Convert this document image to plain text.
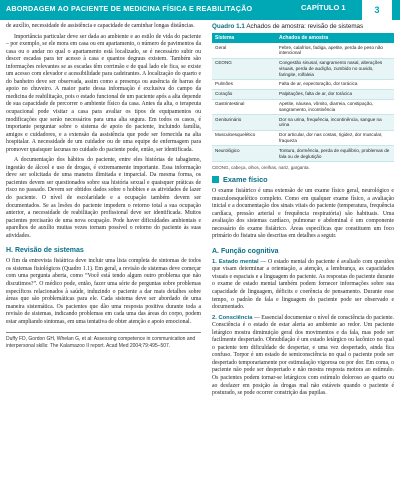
ABORDAGEM AO PACIENTE DE MEDICINA FÍSICA E REABILITAÇÃO	CAPÍTULO 1	3

de auxílio, necessidade de assistência e capacidade de caminhar longas distâncias.

Importância particular deve ser dada ao ambiente e ao estilo de vida do paciente – por exemplo, se ele mora em casa ou em apartamento, o número de pavimentos da casa ou o andar no qual o apartamento está localizado, se é necessário subir ou descer escadas para ter acesso à casa e quantos degraus existem. Também são informações relevantes se as escadas têm corrimão e de qual lado ele fica, se existe um acesso com elevador e acessibilidade para cadeirantes. A localização do quarto e do banheiro deve ser observada, assim como a presença ou ausência de barras de apoio no chuveiro. A maior parte dessa informação é exclusiva do campo da medicina de reabilitação, pois o estado funcional de um paciente após a alta depende de sua capacidade de percorrer o ambiente físico da casa. Antes da alta, o terapeuta ocupacional pode visitar a casa para avaliar os tipos de equipamentos ou modificações que serão necessários para uma alta segura. Em todos os casos, é importante perguntar sobre o sistema de apoio do paciente, incluindo família, amigos e cuidadores, e a extensão da assistência que pode ser fornecida na alta hospitalar. A necessidade de um cuidador ou de uma equipe de enfermagem para promover quaisquer lacunas no cuidado do paciente pode, então, ser identificada.

A documentação dos hábitos do paciente, entre eles histórias de tabagismo, ingestão de álcool e uso de drogas, é extremamente importante. Essa informação deve ser solicitada de uma maneira ilimitada e imparcial. Da mesma forma, os pacientes devem ser questionados sobre sua história sexual e quaisquer práticas de risco no passado. Devem ser obtidos dados sobre o hobbies e as atividades de lazer do paciente. O nível de escolaridade e a ocupação também devem ser documentados. Se as lesões do paciente impedem o retorno total a sua ocupação anterior, a necessidade de reabilitação profissional deve ser identificada. Muitos pacientes precisarão de uma nova ocupação. Pode haver dificuldades ambientais e aparelhos de auxílio muitas vezes tornam possível o retorno do paciente às suas atividades.

H. Revisão de sistemas

O fim da entrevista fisiátrica deve incluir uma lista completa de sintomas de todos os sistemas fisiológicos (Quadro 1.1). Em geral, a revisão de sistemas deve começar com uma pergunta aberta, como “Você está tendo algum outro problema que não discutimos?”. O médico pode, então, fazer uma série de perguntas sobre problemas específicos relacionados à saúde, induzindo o paciente a dar mais detalhes sobre áreas que são problemáticas para ele. Cada sistema deve ser abordado de uma maneira sistemática. Os pacientes que dão uma resposta positiva durante toda a revisão de sistemas, indicando problemas em cada uma das áreas do corpo, podem estar ampliando sintomas, em uma tentativa de obter atenção e apoio emocional.

Duffy FD, Gordon GH, Whelan G, et al: Assessing competence in communication and interpersonal skills: The Kalamazoo II report. Acad Med 2004;79:495–507.
Quadro 1.1 Achados de amostra: revisão de sistemas
Sistema	Achados de amostra
Geral	Febre, calafrios, fadiga, apetite, perda de peso não intencional
CEONG	Congestão sinusal, sangramento nasal, alterações visuais, perda de audição, zumbido no ouvido, faringite, rolfaleia
Pulmões	Falta de ar, expectoração, dor torácica
Coração	Palpitações, falta de ar, dor torácica
Gastrintestinal	Apetite, náusea, vômito, diarreia, constipação, sangramento, incontinência
Geniturinário	Dor na urina, frequência, incontinência, sangue na urina
Musculoesquelético	Dor articular, dor nas costas, rigidez, dor muscular, fraqueza
Neurológico	Tontura, dormência, perda de equilíbrio, problemas de fala ou de deglutição
CEONG, cabeça, olhos, orelhas, nariz, garganta.
Exame físico

O exame fisiátrico é uma extensão de um exame físico geral, neurológico e musculoesquelético completo. Como em qualquer exame físico, a avaliação inicial e a documentação dos sinais vitais do paciente (temperatura, frequência cardíaca, pressão arterial e frequência respiratória) são habituais. Uma avaliação dos sistemas cardíaco, pulmonar e abdominal é um componente necessário do exame fisiátrico. Áreas específicas que constituem um foco primário do fisiatra são descritas em detalhes a seguir.

A. Função cognitiva

1. Estado mental — O estado mental do paciente é avaliado com questões que visam determinar a orientação, a atenção, a lembrança, as capacidades visuais e espaciais e a linguagem do paciente. As respostas do paciente durante o exame de estado mental também podem fornecer informações sobre sua capacidade de linguagem, déficits e coerência de pensamento. Durante esse tempo, o padrão de fala e linguagem do paciente pode ser observado e documentado.

2. Consciência — Essencial documentar o nível de consciência do paciente. Consciência é o estado de estar alerta ao ambiente ao redor. Um paciente letárgico mostra diminuição geral dos movimentos e da fala, mas pode ser facilmente despertado. Obnubilação é um estado letárgico ou lacônico no qual o paciente tem dificuldade de despertar, e uma vez despertado, ainda fica confuso. Torpor é um estado de semiconsciência no qual o paciente pode ser despertado temporariamente por estimulação vigorosa ou por dor. Em coma, o paciente não pode ser despertado e não mostra resposta motora ao estímulo. Os pacientes podem tornar-se letárgicos com estímulo doloroso ao quarto ou ao desfazer em posição às drogas mal não estáveis quando o paciente é posturado, se pode ocorrer constrição das pupilas.
